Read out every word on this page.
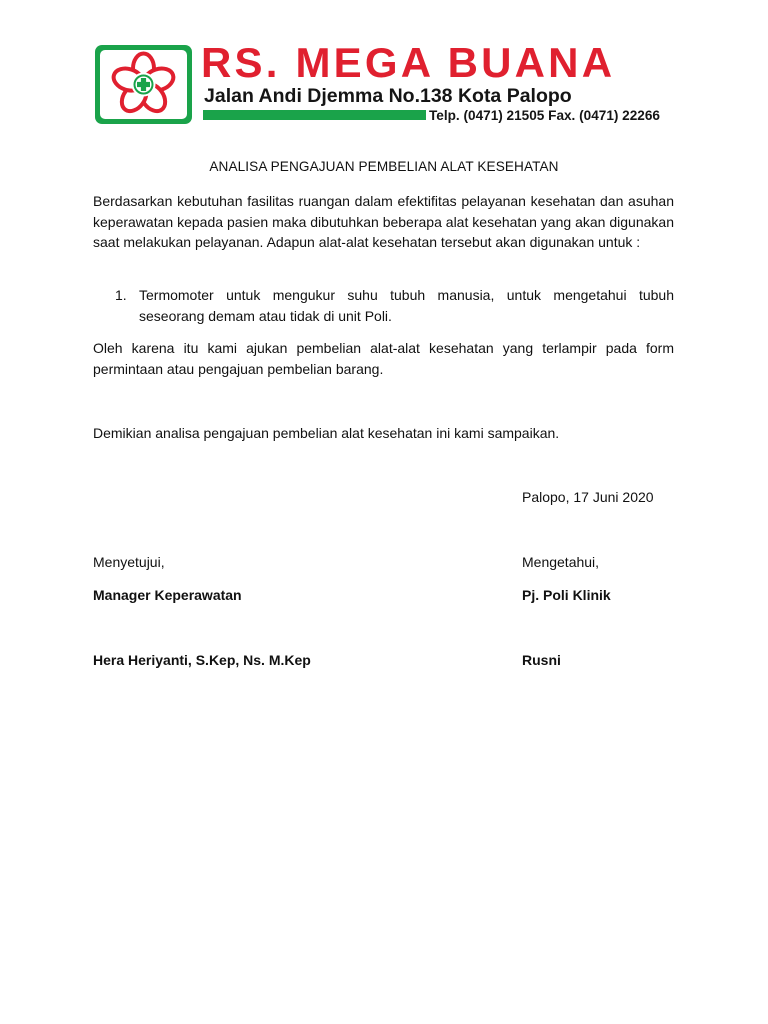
RS. MEGA BUANA
Jalan Andi Djemma No.138 Kota Palopo
Telp. (0471) 21505 Fax. (0471) 22266
ANALISA PENGAJUAN PEMBELIAN ALAT KESEHATAN
Berdasarkan kebutuhan fasilitas ruangan dalam efektifitas pelayanan kesehatan dan asuhan keperawatan kepada pasien maka dibutuhkan beberapa alat kesehatan yang akan digunakan saat melakukan pelayanan. Adapun alat-alat kesehatan tersebut akan digunakan untuk :
1. Termomoter untuk mengukur suhu tubuh manusia, untuk mengetahui tubuh seseorang demam atau tidak di unit Poli.
Oleh karena itu kami ajukan pembelian alat-alat kesehatan yang terlampir pada form permintaan atau pengajuan pembelian barang.
Demikian analisa pengajuan pembelian alat kesehatan ini kami sampaikan.
Palopo, 17 Juni 2020
Menyetujui,	Mengetahui,
Manager Keperawatan	Pj. Poli Klinik
Hera Heriyanti, S.Kep, Ns. M.Kep	Rusni
